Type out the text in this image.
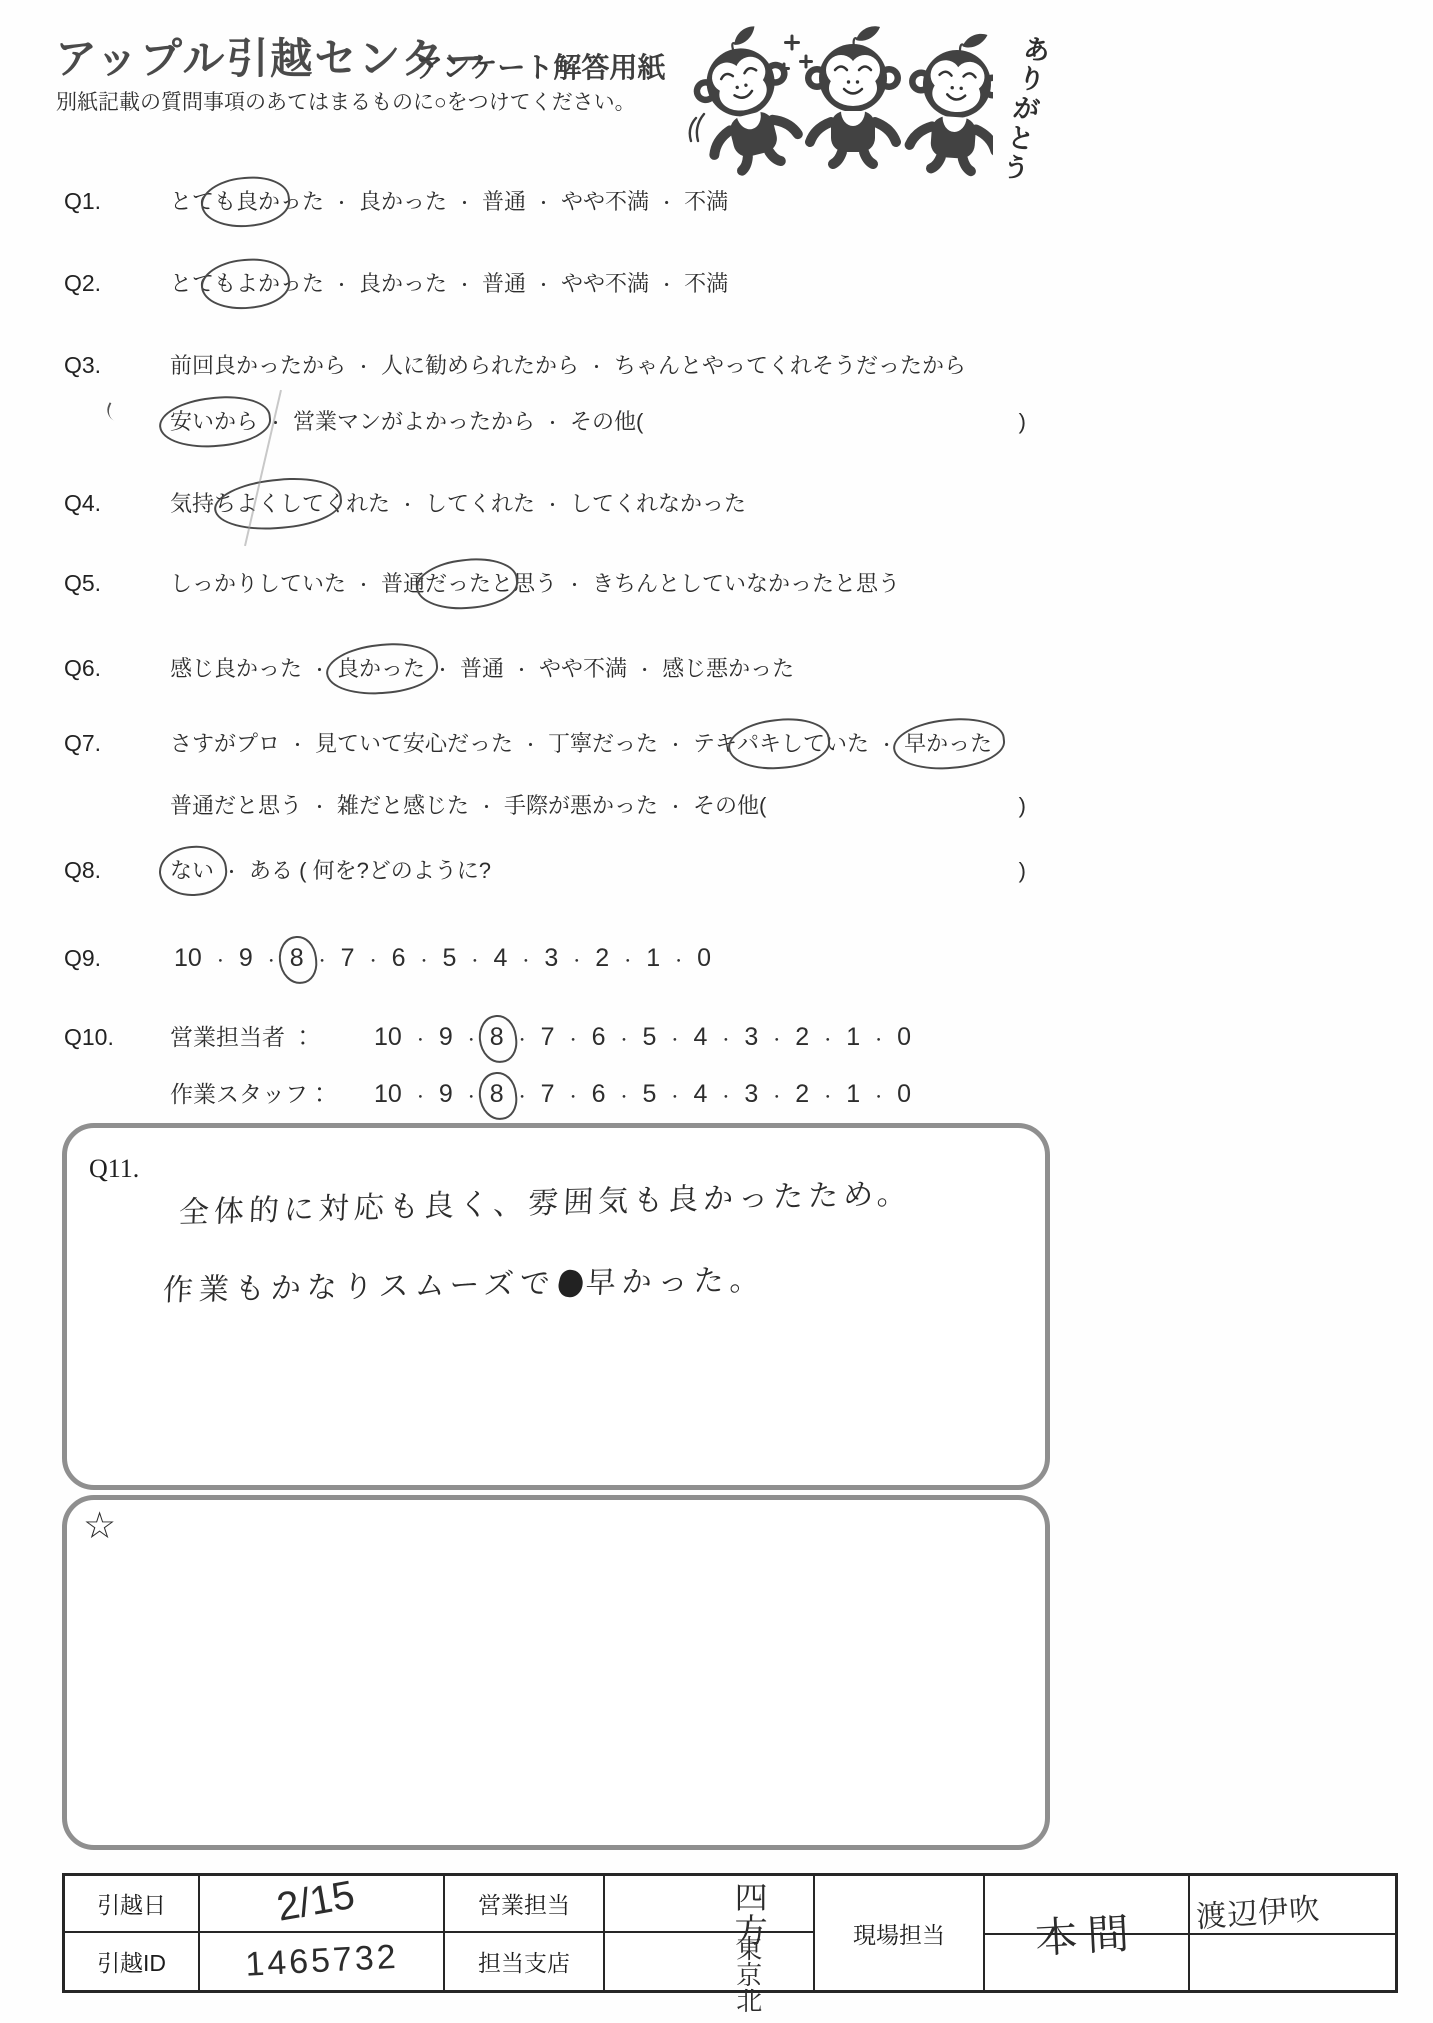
アップル引越センター
アンケート解答用紙
別紙記載の質問事項のあてはまるものに○をつけてください。	ありがとう
Q1.	とても良かった ・ 良かった ・ 普通 ・ やや不満 ・ 不満
Q2.	とてもよかった ・ 良かった ・ 普通 ・ やや不満 ・ 不満
Q3.	前回良かったから ・ 人に勧められたから ・ ちゃんとやってくれそうだったから
安いから ・ 営業マンがよかったから ・ その他(	)
Q4.	気持ちよくしてくれた ・ してくれた ・ してくれなかった
Q5.	しっかりしていた ・ 普通だったと思う ・ きちんとしていなかったと思う
Q6.	感じ良かった ・ 良かった ・ 普通 ・ やや不満 ・ 感じ悪かった
Q7.	さすがプロ ・ 見ていて安心だった ・ 丁寧だった ・ テキパキしていた ・ 早かった
普通だと思う ・ 雑だと感じた ・ 手際が悪かった ・ その他(	)
Q8.	ない ・ ある ( 何を?どのように?	)
Q9.	10 ・ 9 ・ 8 ・ 7 ・ 6 ・ 5 ・ 4 ・ 3 ・ 2 ・ 1 ・ 0
Q10.	営業担当者 ：	10 ・ 9 ・ 8 ・ 7 ・ 6 ・ 5 ・ 4 ・ 3 ・ 2 ・ 1 ・ 0
作業スタッフ：	10 ・ 9 ・ 8 ・ 7 ・ 6 ・ 5 ・ 4 ・ 3 ・ 2 ・ 1 ・ 0
Q11.
全体的に対応も良く、雰囲気も良かったため。
作業もかなりスムーズで 早かった。
☆
引越日	2/15	営業担当	四方	現場担当	本間 渡辺伊吹
引越ID	1465732	担当支店	東京北
